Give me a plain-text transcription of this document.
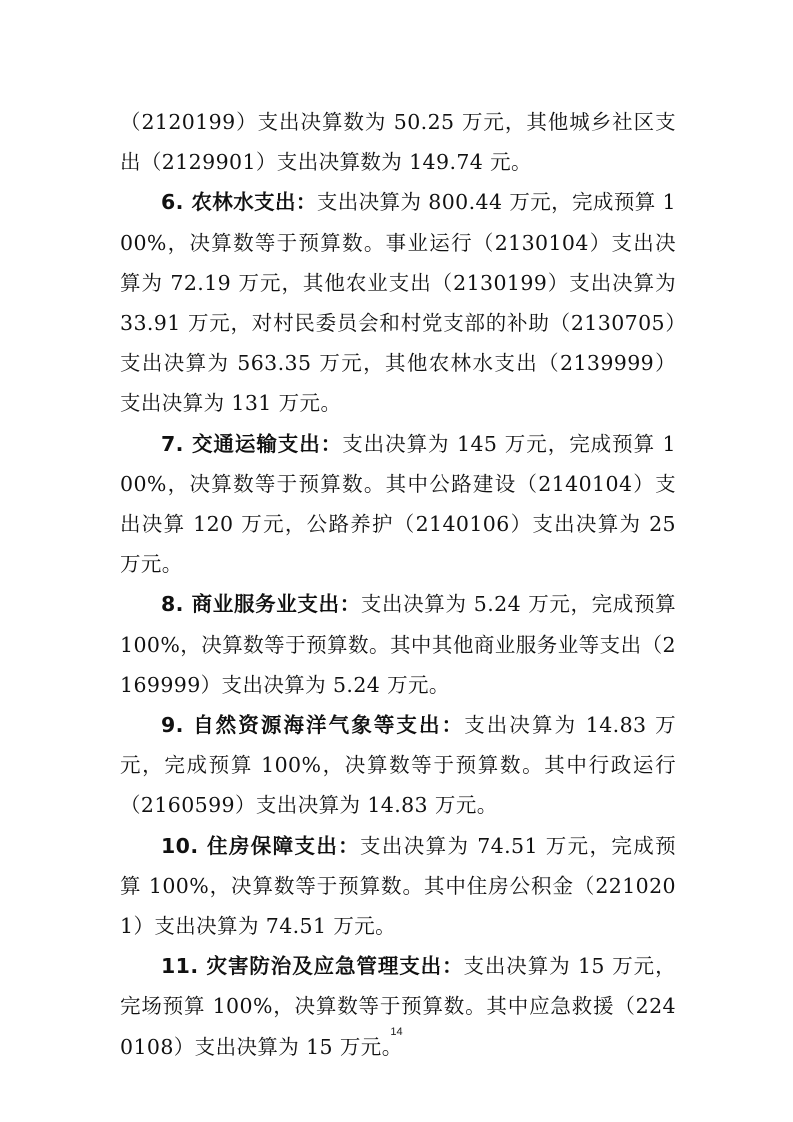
（2120199）支出决算数为 50.25 万元，其他城乡社区支出（2129901）支出决算数为 149.74 元。

6. 农林水支出：支出决算为 800.44 万元，完成预算 100%，决算数等于预算数。事业运行（2130104）支出决算为 72.19 万元，其他农业支出（2130199）支出决算为 33.91 万元，对村民委员会和村党支部的补助（2130705）支出决算为 563.35 万元，其他农林水支出（2139999）支出决算为 131 万元。

7. 交通运输支出：支出决算为 145 万元，完成预算 100%，决算数等于预算数。其中公路建设（2140104）支出决算 120 万元，公路养护（2140106）支出决算为 25 万元。

8. 商业服务业支出：支出决算为 5.24 万元，完成预算 100%，决算数等于预算数。其中其他商业服务业等支出（2169999）支出决算为 5.24 万元。

9. 自然资源海洋气象等支出：支出决算为 14.83 万元，完成预算 100%，决算数等于预算数。其中行政运行（2160599）支出决算为 14.83 万元。

10. 住房保障支出：支出决算为 74.51 万元，完成预算 100%，决算数等于预算数。其中住房公积金（2210201）支出决算为 74.51 万元。

11. 灾害防治及应急管理支出：支出决算为 15 万元，完场预算 100%，决算数等于预算数。其中应急救援（2240108）支出决算为 15 万元。

14
